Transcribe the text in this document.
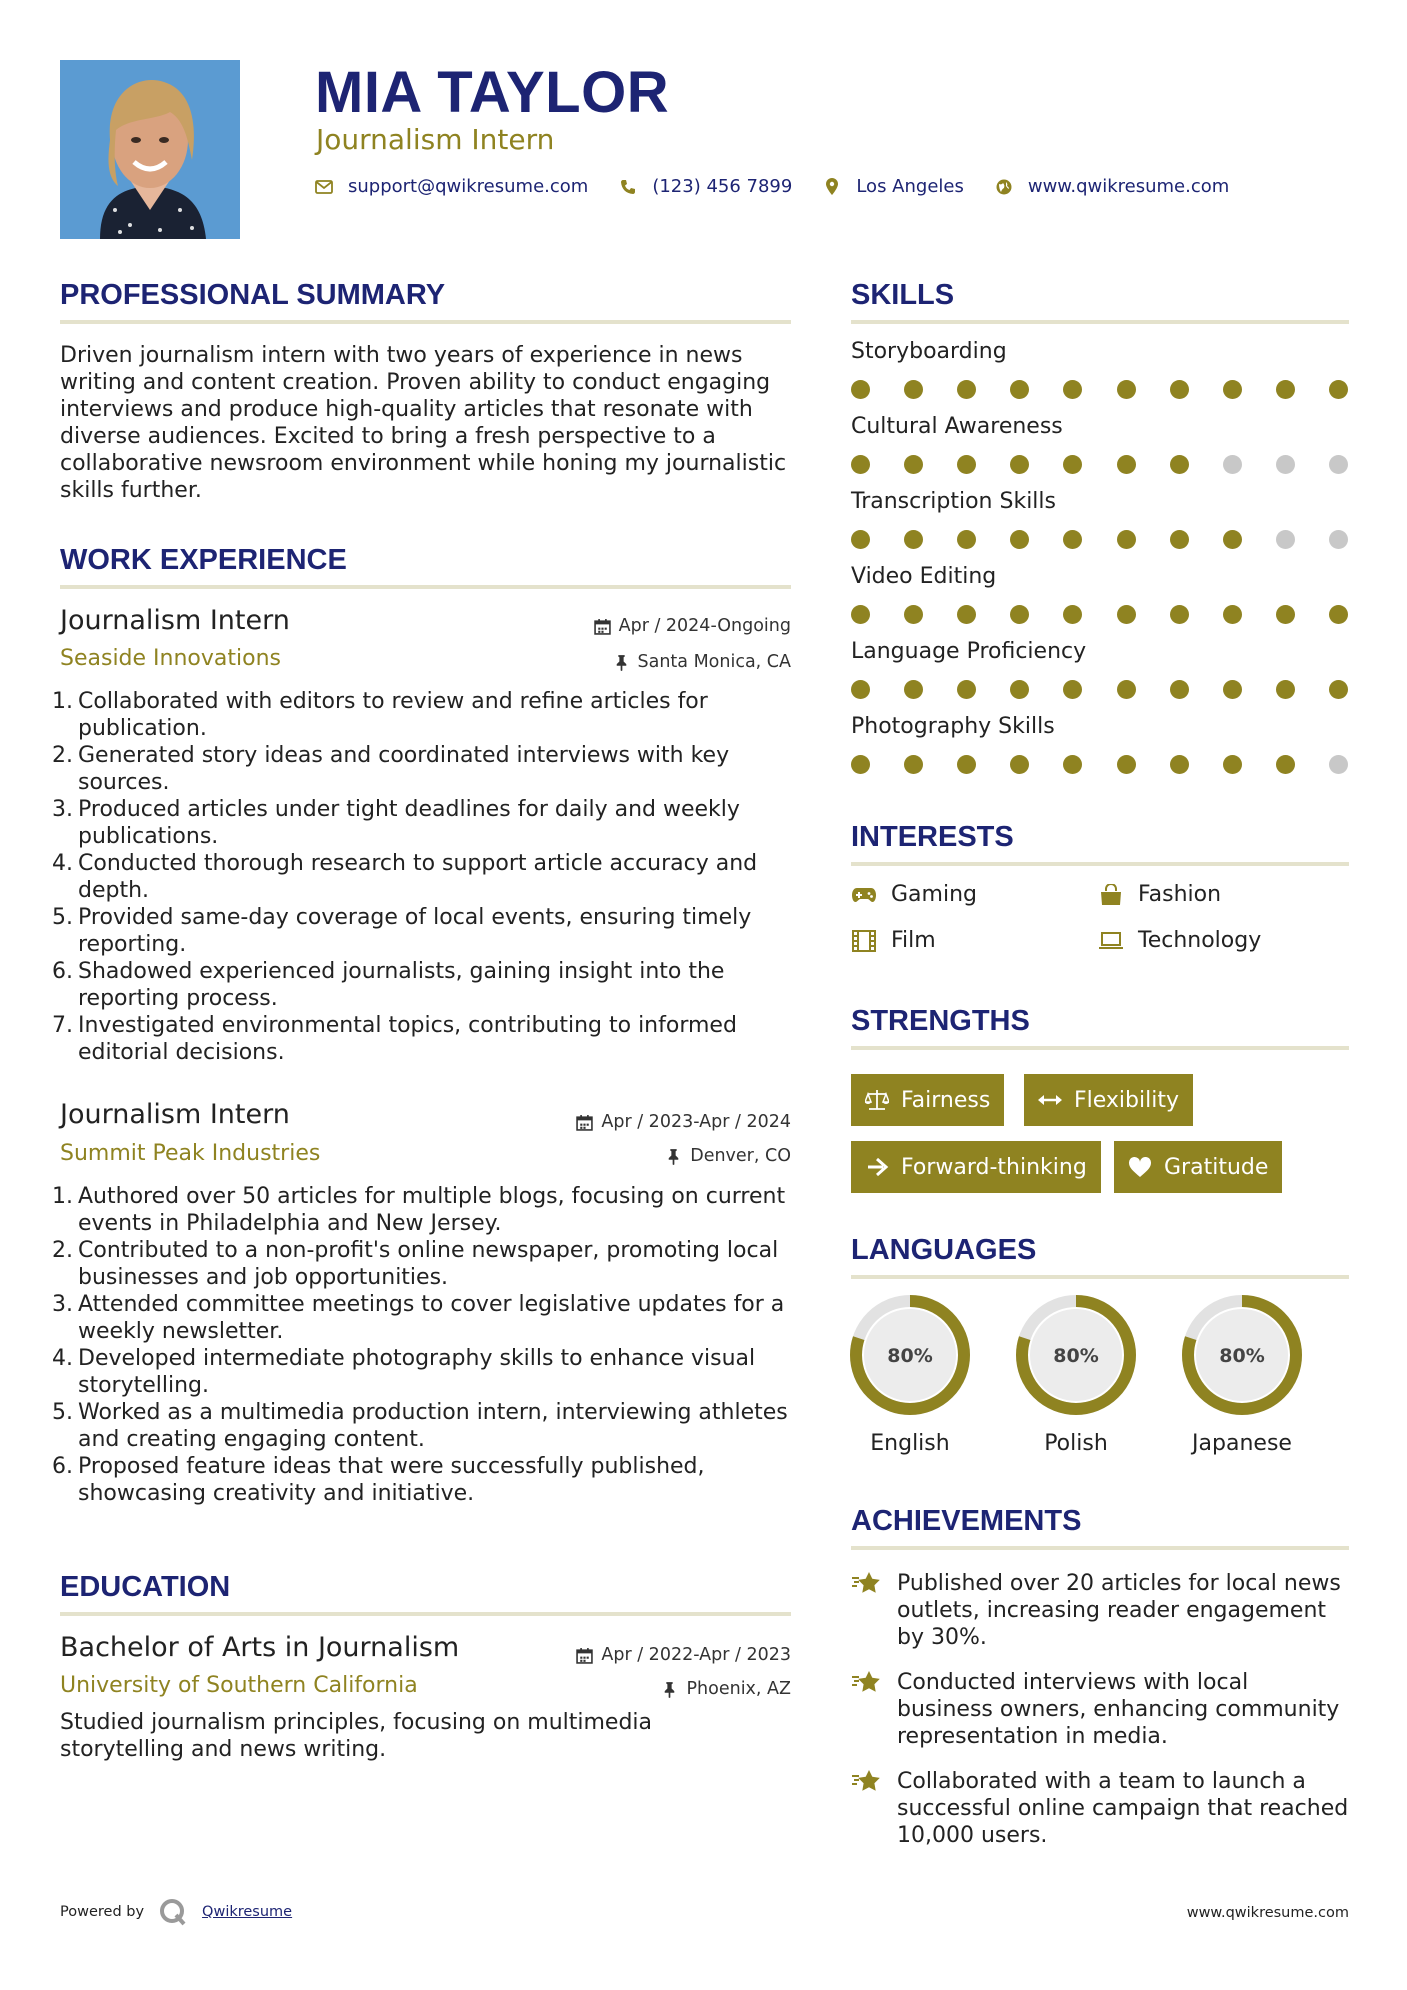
MIA TAYLOR
Journalism Intern
support@qwikresume.com	(123) 456 7899	Los Angeles	www.qwikresume.com
PROFESSIONAL SUMMARY

Driven journalism intern with two years of experience in news writing and content creation. Proven ability to conduct engaging interviews and produce high-quality articles that resonate with diverse audiences. Excited to bring a fresh perspective to a collaborative newsroom environment while honing my journalistic skills further.

WORK EXPERIENCE
Journalism Intern	Apr / 2024-Ongoing
Seaside Innovations	Santa Monica, CA
1. Collaborated with editors to review and refine articles for publication.
2. Generated story ideas and coordinated interviews with key sources.
3. Produced articles under tight deadlines for daily and weekly publications.
4. Conducted thorough research to support article accuracy and depth.
5. Provided same-day coverage of local events, ensuring timely reporting.
6. Shadowed experienced journalists, gaining insight into the reporting process.
7. Investigated environmental topics, contributing to informed editorial decisions.
Journalism Intern	Apr / 2023-Apr / 2024
Summit Peak Industries	Denver, CO
1. Authored over 50 articles for multiple blogs, focusing on current events in Philadelphia and New Jersey.
2. Contributed to a non-profit's online newspaper, promoting local businesses and job opportunities.
3. Attended committee meetings to cover legislative updates for a weekly newsletter.
4. Developed intermediate photography skills to enhance visual storytelling.
5. Worked as a multimedia production intern, interviewing athletes and creating engaging content.
6. Proposed feature ideas that were successfully published, showcasing creativity and initiative.
EDUCATION
Bachelor of Arts in Journalism	Apr / 2022-Apr / 2023
University of Southern California	Phoenix, AZ

Studied journalism principles, focusing on multimedia storytelling and news writing.

SKILLS
Storyboarding
Cultural Awareness
Transcription Skills
Video Editing
Language Proficiency
Photography Skills
INTERESTS
Gaming	Fashion
Film	Technology
STRENGTHS
Fairness	Flexibility
Forward-thinking	Gratitude
LANGUAGES
80%
English
80%
Polish
80%
Japanese
ACHIEVEMENTS

Published over 20 articles for local news outlets, increasing reader engagement by 30%.

Conducted interviews with local business owners, enhancing community representation in media.

Collaborated with a team to launch a successful online campaign that reached 10,000 users.

Powered by	Qwikresume	www.qwikresume.com
